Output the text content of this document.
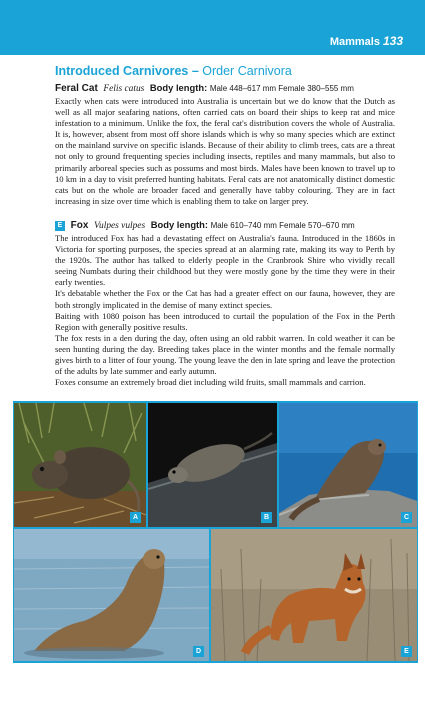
Mammals 133
Introduced Carnivores – Order Carnivora
Feral Cat Felis catus Body length: Male 448–617 mm Female 380–555 mm

Exactly when cats were introduced into Australia is uncertain but we do know that the Dutch as well as all major seafaring nations, often carried cats on board their ships to keep rat and mice infestation to a minimum. Unlike the fox, the feral cat's distribution covers the whole of Australia. It is, however, absent from most off shore islands which is why so many species which are extinct on the mainland survive on specific islands. Because of their ability to climb trees, cats are a threat not only to ground frequenting species including insects, reptiles and many mammals, but also to primarily arboreal species such as possums and most birds. Males have been known to travel up to 10 km in a day to visit preferred hunting habitats. Feral cats are not anatomically distinct domestic cats but on the whole are broader faced and generally have tabby colouring. They are in fact increasing in size over time which is enabling them to take on larger prey.

E Fox Vulpes vulpes Body length: Male 610–740 mm Female 570–670 mm

The introduced Fox has had a devastating effect on Australia's fauna. Introduced in the 1860s in Victoria for sporting purposes, the species spread at an alarming rate, making its way to Perth by the 1920s. The author has talked to elderly people in the Cranbrook Shire who vividly recall seeing Numbats during their childhood but they were mostly gone by the time they were in their early twenties.

It's debatable whether the Fox or the Cat has had a greater effect on our fauna, however, they are both strongly implicated in the demise of many extinct species.

Baiting with 1080 poison has been introduced to curtail the population of the Fox in the Perth Region with generally positive results.

The fox rests in a den during the day, often using an old rabbit warren. In cold weather it can be seen hunting during the day. Breeding takes place in the winter months and the female normally gives birth to a litter of four young. The young leave the den in late spring and leave the protection of the adults by late summer and early autumn.

Foxes consume an extremely broad diet including wild fruits, small mammals and carrion.

A	B	C
D	E
